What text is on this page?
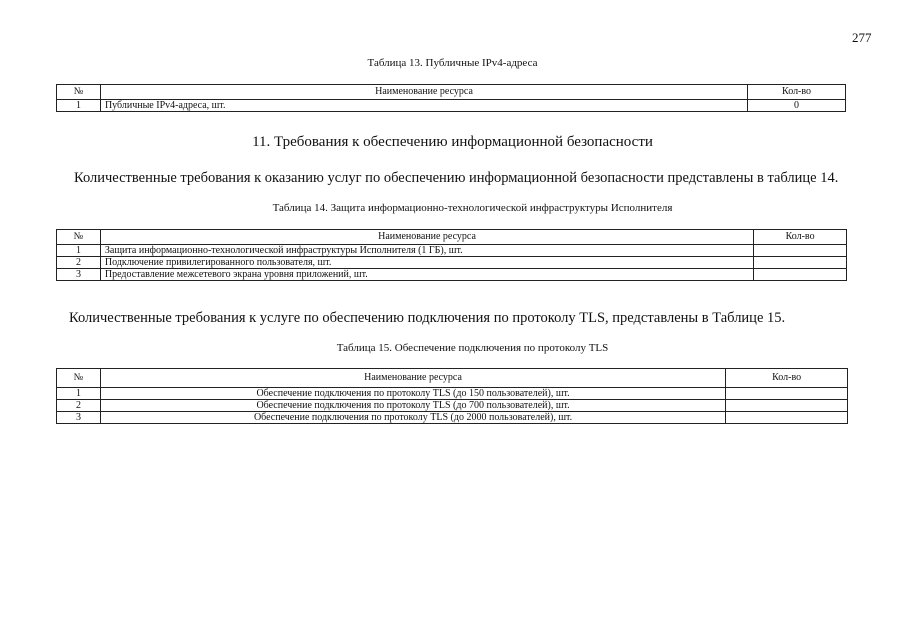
277
Таблица 13. Публичные IPv4-адреса
№	Наименование ресурса	Кол-во
1	Публичные IPv4-адреса, шт.	0
11. Требования к обеспечению информационной безопасности
Количественные требования к оказанию услуг по обеспечению информационной безопасности представлены в таблице 14.
Таблица 14. Защита информационно-технологической инфраструктуры Исполнителя
№	Наименование ресурса	Кол-во
1	Защита информационно-технологической инфраструктуры Исполнителя (1 ГБ), шт.	
2	Подключение привилегированного пользователя, шт.	
3	Предоставление межсетевого экрана уровня приложений, шт.	
Количественные требования к услуге по обеспечению подключения по протоколу TLS, представлены в Таблице 15.
Таблица 15. Обеспечение подключения по протоколу TLS
№	Наименование ресурса	Кол-во
1	Обеспечение подключения по протоколу TLS (до 150 пользователей), шт.	
2	Обеспечение подключения по протоколу TLS (до 700 пользователей), шт.	
3	Обеспечение подключения по протоколу TLS (до 2000 пользователей), шт.	
